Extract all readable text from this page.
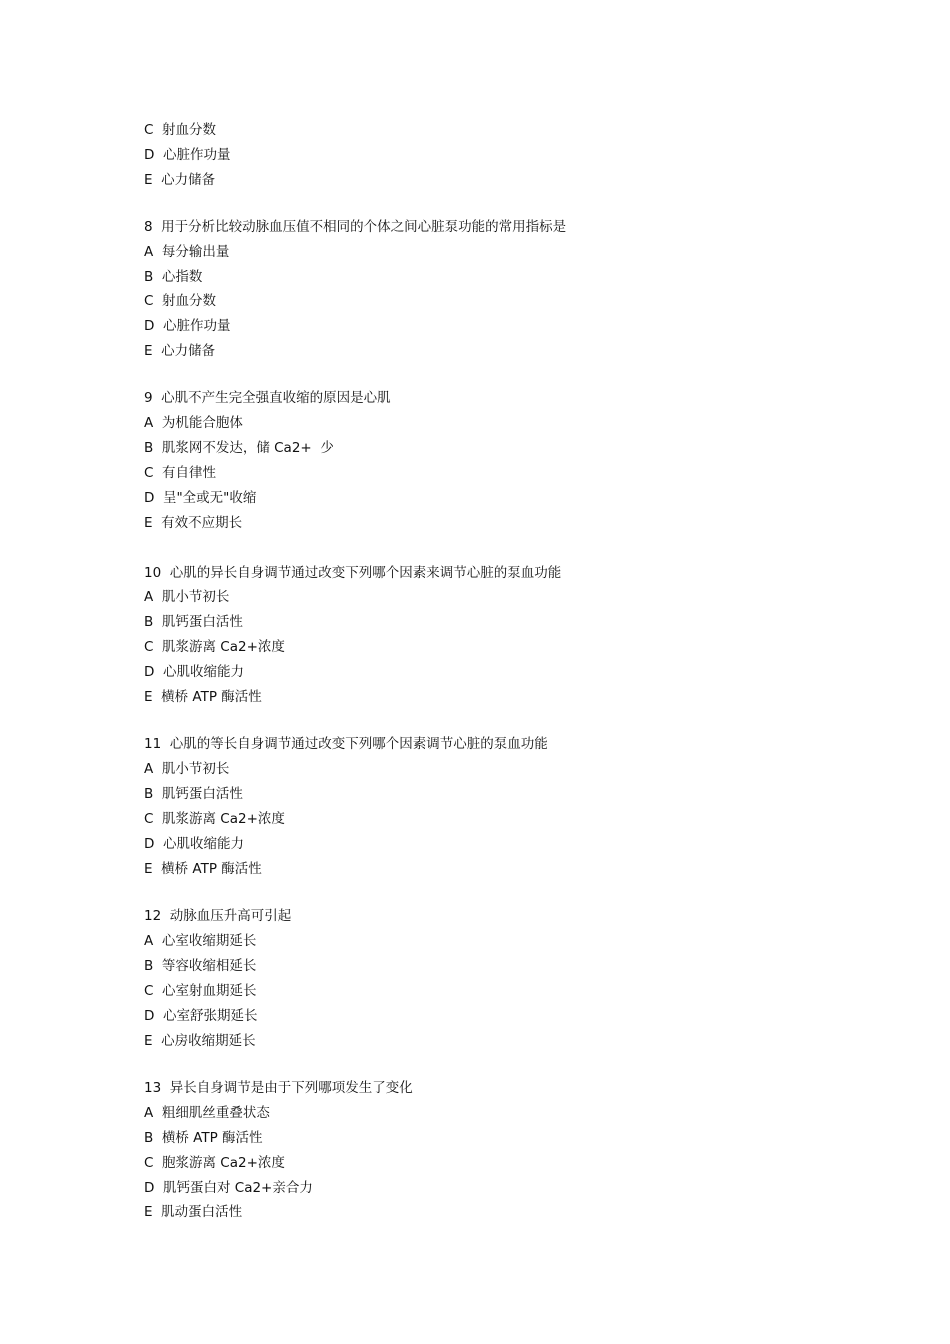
C  射血分数
D  心脏作功量
E  心力储备
8  用于分析比较动脉血压值不相同的个体之间心脏泵功能的常用指标是
A  每分输出量
B  心指数
C  射血分数
D  心脏作功量
E  心力储备
9  心肌不产生完全强直收缩的原因是心肌
A  为机能合胞体
B  肌浆网不发达，储 Ca2+  少
C  有自律性
D  呈"全或无"收缩
E  有效不应期长
10  心肌的异长自身调节通过改变下列哪个因素来调节心脏的泵血功能
A  肌小节初长
B  肌钙蛋白活性
C  肌浆游离 Ca2+浓度
D  心肌收缩能力
E  横桥 ATP 酶活性
11  心肌的等长自身调节通过改变下列哪个因素调节心脏的泵血功能
A  肌小节初长
B  肌钙蛋白活性
C  肌浆游离 Ca2+浓度
D  心肌收缩能力
E  横桥 ATP 酶活性
12  动脉血压升高可引起
A  心室收缩期延长
B  等容收缩相延长
C  心室射血期延长
D  心室舒张期延长
E  心房收缩期延长
13  异长自身调节是由于下列哪项发生了变化
A  粗细肌丝重叠状态
B  横桥 ATP 酶活性
C  胞浆游离 Ca2+浓度
D  肌钙蛋白对 Ca2+亲合力
E  肌动蛋白活性
